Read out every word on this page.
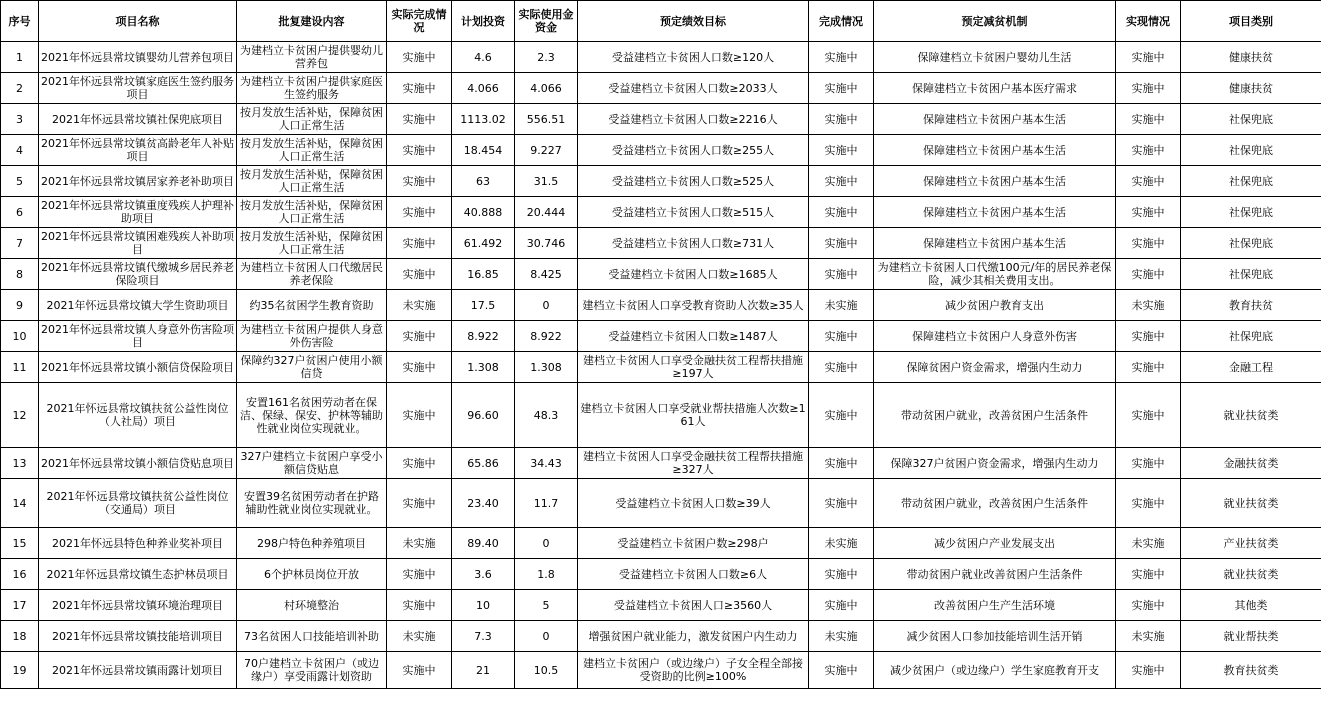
序号	项目名称	批复建设内容	实际完成情况	计划投资	实际使用金资金	预定绩效目标	完成情况	预定减贫机制	实现情况	项目类别
1	2021年怀远县常坟镇婴幼儿营养包项目	为建档立卡贫困户提供婴幼儿营养包	实施中	4.6	2.3	受益建档立卡贫困人口数≥120人	实施中	保障建档立卡贫困户婴幼儿生活	实施中	健康扶贫
2	2021年怀远县常坟镇家庭医生签约服务项目	为建档立卡贫困户提供家庭医生签约服务	实施中	4.066	4.066	受益建档立卡贫困人口数≥2033人	实施中	保障建档立卡贫困户基本医疗需求	实施中	健康扶贫
3	2021年怀远县常坟镇社保兜底项目	按月发放生活补贴，保障贫困人口正常生活	实施中	1113.02	556.51	受益建档立卡贫困人口数≥2216人	实施中	保障建档立卡贫困户基本生活	实施中	社保兜底
4	2021年怀远县常坟镇贫高龄老年人补贴项目	按月发放生活补贴，保障贫困人口正常生活	实施中	18.454	9.227	受益建档立卡贫困人口数≥255人	实施中	保障建档立卡贫困户基本生活	实施中	社保兜底
5	2021年怀远县常坟镇居家养老补助项目	按月发放生活补贴，保障贫困人口正常生活	实施中	63	31.5	受益建档立卡贫困人口数≥525人	实施中	保障建档立卡贫困户基本生活	实施中	社保兜底
6	2021年怀远县常坟镇重度残疾人护理补助项目	按月发放生活补贴，保障贫困人口正常生活	实施中	40.888	20.444	受益建档立卡贫困人口数≥515人	实施中	保障建档立卡贫困户基本生活	实施中	社保兜底
7	2021年怀远县常坟镇困难残疾人补助项目	按月发放生活补贴，保障贫困人口正常生活	实施中	61.492	30.746	受益建档立卡贫困人口数≥731人	实施中	保障建档立卡贫困户基本生活	实施中	社保兜底
8	2021年怀远县常坟镇代缴城乡居民养老保险项目	为建档立卡贫困人口代缴居民养老保险	实施中	16.85	8.425	受益建档立卡贫困人口数≥1685人	实施中	为建档立卡贫困人口代缴100元/年的居民养老保险，减少其相关费用支出。	实施中	社保兜底
9	2021年怀远县常坟镇大学生资助项目	约35名贫困学生教育资助	未实施	17.5	0	建档立卡贫困人口享受教育资助人次数≥35人	未实施	减少贫困户教育支出	未实施	教育扶贫
10	2021年怀远县常坟镇人身意外伤害险项目	为建档立卡贫困户提供人身意外伤害险	实施中	8.922	8.922	受益建档立卡贫困人口数≥1487人	实施中	保障建档立卡贫困户人身意外伤害	实施中	社保兜底
11	2021年怀远县常坟镇小额信贷保险项目	保障约327户贫困户使用小额信贷	实施中	1.308	1.308	建档立卡贫困人口享受金融扶贫工程帮扶措施≥197人	实施中	保障贫困户资金需求，增强内生动力	实施中	金融工程
12	2021年怀远县常坟镇扶贫公益性岗位（人社局）项目	安置161名贫困劳动者在保洁、保绿、保安、护林等辅助性就业岗位实现就业。	实施中	96.60	48.3	建档立卡贫困人口享受就业帮扶措施人次数≥161人	实施中	带动贫困户就业，改善贫困户生活条件	实施中	就业扶贫类
13	2021年怀远县常坟镇小额信贷贴息项目	327户建档立卡贫困户享受小额信贷贴息	实施中	65.86	34.43	建档立卡贫困人口享受金融扶贫工程帮扶措施≥327人	实施中	保障327户贫困户资金需求，增强内生动力	实施中	金融扶贫类
14	2021年怀远县常坟镇扶贫公益性岗位（交通局）项目	安置39名贫困劳动者在护路辅助性就业岗位实现就业。	实施中	23.40	11.7	受益建档立卡贫困人口数≥39人	实施中	带动贫困户就业，改善贫困户生活条件	实施中	就业扶贫类
15	2021年怀远县特色种养业奖补项目	298户特色种养殖项目	未实施	89.40	0	受益建档立卡贫困户数≥298户	未实施	减少贫困户产业发展支出	未实施	产业扶贫类
16	2021年怀远县常坟镇生态护林员项目	6个护林员岗位开放	实施中	3.6	1.8	受益建档立卡贫困人口数≥6人	实施中	带动贫困户就业改善贫困户生活条件	实施中	就业扶贫类
17	2021年怀远县常坟镇环境治理项目	村环境整治	实施中	10	5	受益建档立卡贫困人口≥3560人	实施中	改善贫困户生产生活环境	实施中	其他类
18	2021年怀远县常坟镇技能培训项目	73名贫困人口技能培训补助	未实施	7.3	0	增强贫困户就业能力，激发贫困户内生动力	未实施	减少贫困人口参加技能培训生活开销	未实施	就业帮扶类
19	2021年怀远县常坟镇雨露计划项目	70户建档立卡贫困户（或边缘户）享受雨露计划资助	实施中	21	10.5	建档立卡贫困户（或边缘户）子女全程全部接受资助的比例≥100%	实施中	减少贫困户（或边缘户）学生家庭教育开支	实施中	教育扶贫类
